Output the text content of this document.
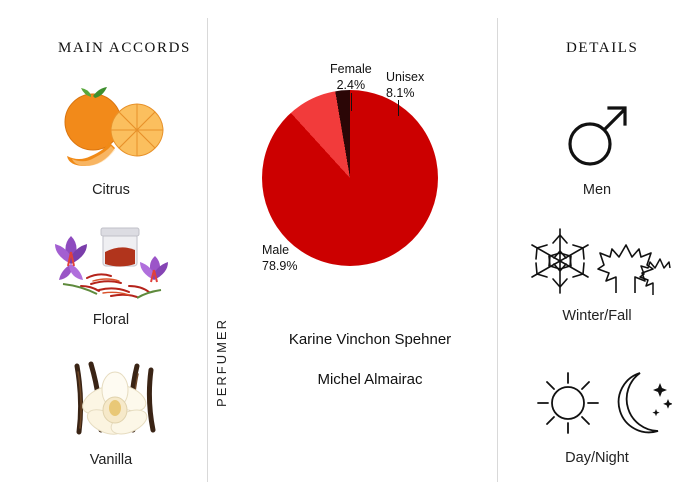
MAIN ACCORDS	DETAILS
Citrus
Floral
Vanilla
Female
2.4%
Unisex
8.1%
Male
78.9%
PERFUMER	Karine Vinchon Spehner
Michel Almairac
Men
Winter/Fall
Day/Night
